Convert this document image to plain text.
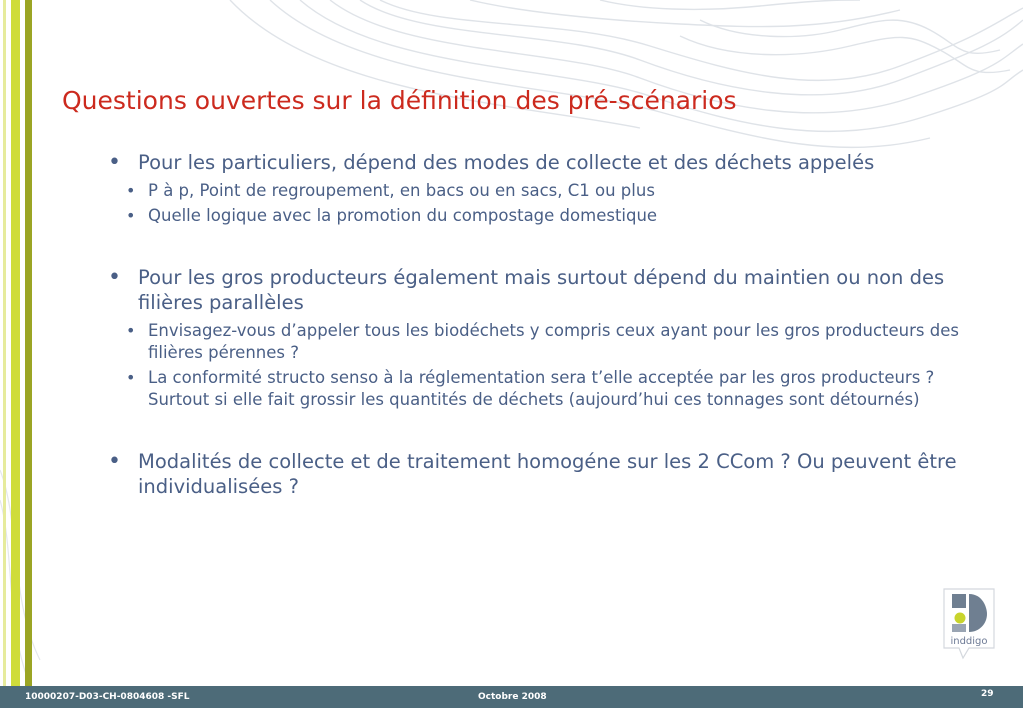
Questions ouvertes sur la définition des pré-scénarios
• Pour les particuliers, dépend des modes de collecte et des déchets appelés
• P à p, Point de regroupement, en bacs ou en sacs, C1 ou plus
• Quelle logique avec la promotion du compostage domestique
• Pour les gros producteurs également mais surtout dépend du maintien ou non des filières parallèles
• Envisagez-vous d’appeler tous les biodéchets y compris ceux ayant pour les gros producteurs des filières pérennes ?
• La conformité structo senso à la réglementation sera t’elle acceptée par les gros producteurs ? Surtout si elle fait grossir les quantités de déchets (aujourd’hui ces tonnages sont détournés)
• Modalités de collecte et de traitement homogéne sur les 2 CCom ? Ou peuvent être individualisées ?
inddigo
10000207-D03-CH-0804608 -SFL	Octobre 2008	29
